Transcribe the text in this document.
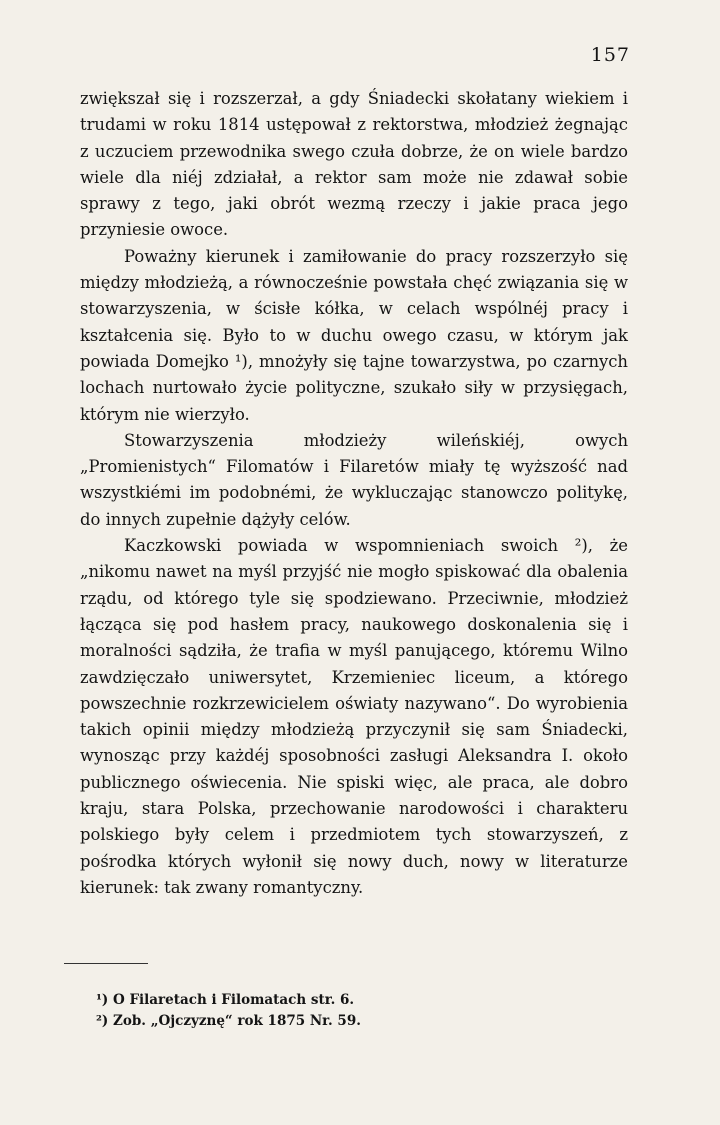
157

zwiększał się i rozszerzał, a gdy Śniadecki skołatany wiekiem i trudami w roku 1814 ustępował z rektorstwa, młodzież żegnając z uczuciem przewodnika swego czuła dobrze, że on wiele bardzo wiele dla niéj zdziałał, a rektor sam może nie zdawał sobie sprawy z tego, jaki obrót wezmą rzeczy i jakie praca jego przyniesie owoce.

Poważny kierunek i zamiłowanie do pracy rozszerzyło się między młodzieżą, a równocześnie powstała chęć związania się w stowarzyszenia, w ścisłe kółka, w celach wspólnéj pracy i kształcenia się. Było to w duchu owego czasu, w którym jak powiada Domejko ¹), mnożyły się tajne towarzystwa, po czarnych lochach nurtowało życie polityczne, szukało siły w przysięgach, którym nie wierzyło.

Stowarzyszenia młodzieży wileńskiéj, owych „Promienistych“ Filomatów i Filaretów miały tę wyższość nad wszystkiémi im podobnémi, że wykluczając stanowczo politykę, do innych zupełnie dążyły celów.

Kaczkowski powiada w wspomnieniach swoich ²), że „nikomu nawet na myśl przyjść nie mogło spiskować dla obalenia rządu, od którego tyle się spodziewano. Przeciwnie, młodzież łącząca się pod hasłem pracy, naukowego doskonalenia się i moralności sądziła, że trafia w myśl panującego, któremu Wilno zawdzięczało uniwersytet, Krzemieniec liceum, a którego powszechnie rozkrzewicielem oświaty nazywano“. Do wyrobienia takich opinii między młodzieżą przyczynił się sam Śniadecki, wynosząc przy każdéj sposobności zasługi Aleksandra I. około publicznego oświecenia. Nie spiski więc, ale praca, ale dobro kraju, stara Polska, przechowanie narodowości i charakteru polskiego były celem i przedmiotem tych stowarzyszeń, z pośrodka których wyłonił się nowy duch, nowy w literaturze kierunek: tak zwany romantyczny.

¹) O Filaretach i Filomatach str. 6.
²) Zob. „Ojczyznę“ rok 1875 Nr. 59.
